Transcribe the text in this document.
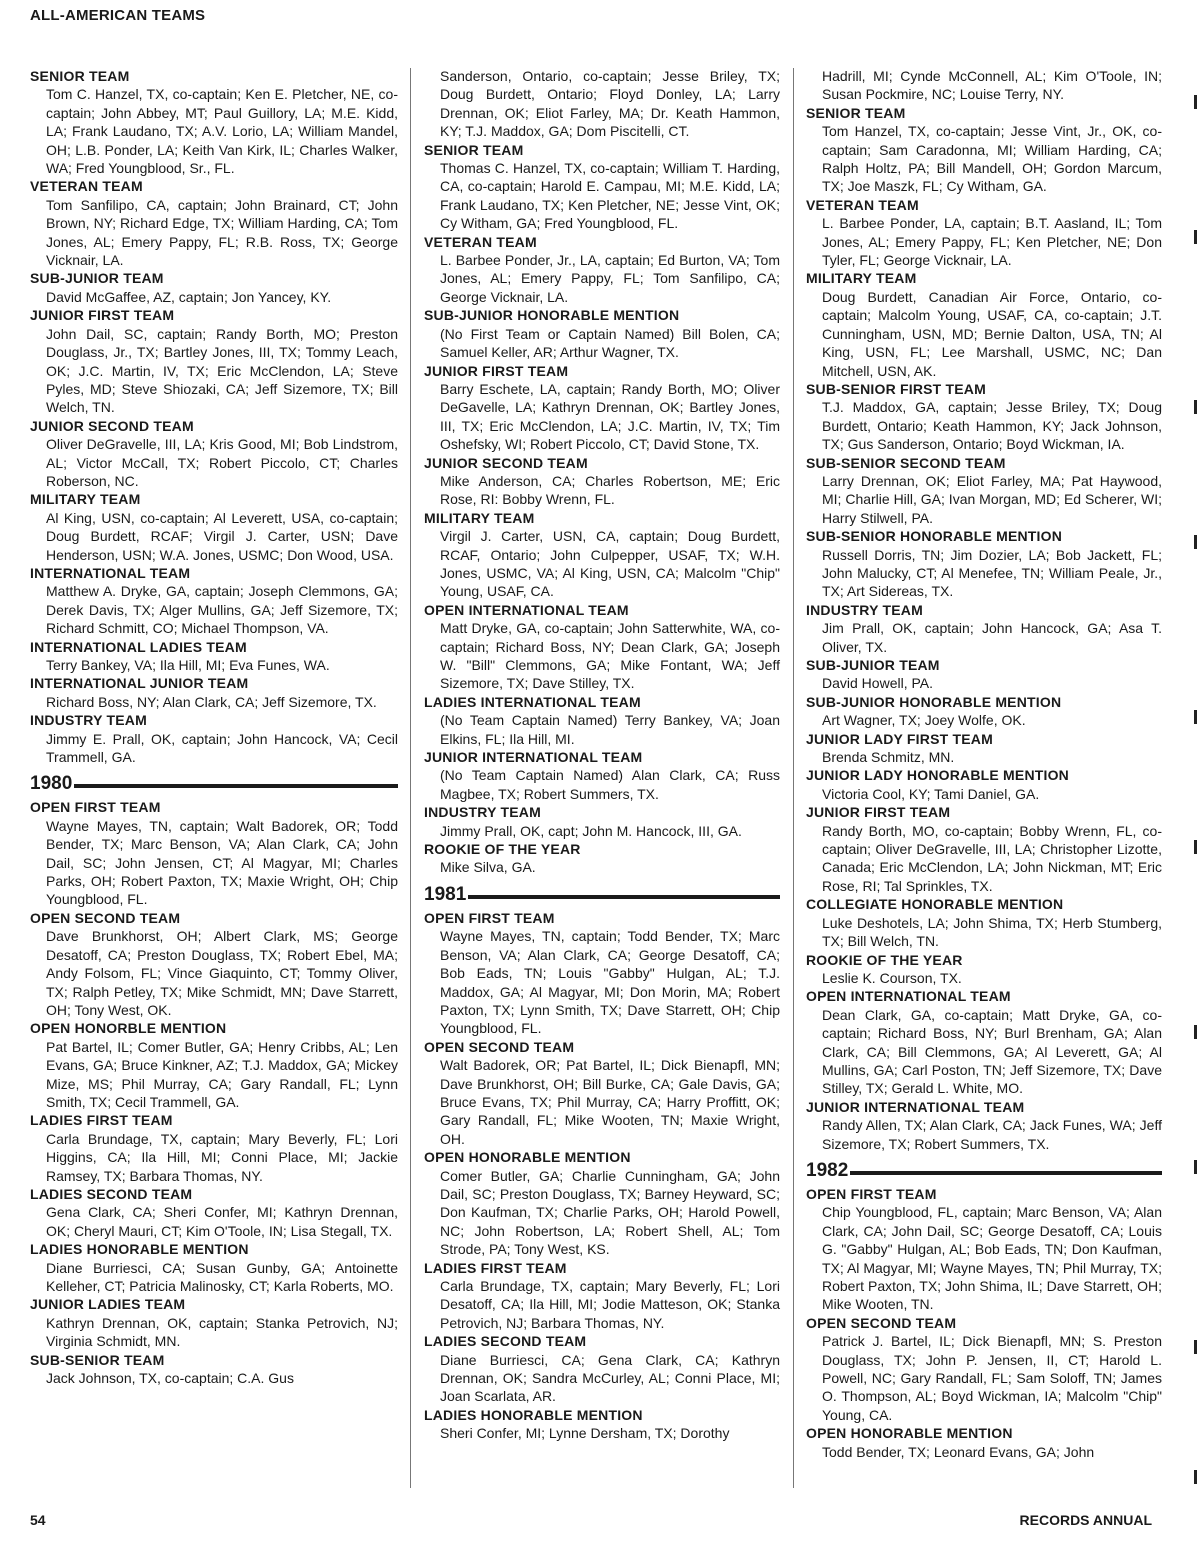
ALL-AMERICAN TEAMS
SENIOR TEAM
Tom C. Hanzel, TX, co-captain; Ken E. Pletcher, NE, co-captain; John Abbey, MT; Paul Guillory, LA; M.E. Kidd, LA; Frank Laudano, TX; A.V. Lorio, LA; William Mandel, OH; L.B. Ponder, LA; Keith Van Kirk, IL; Charles Walker, WA; Fred Youngblood, Sr., FL.
VETERAN TEAM
Tom Sanfilipo, CA, captain; John Brainard, CT; John Brown, NY; Richard Edge, TX; William Harding, CA; Tom Jones, AL; Emery Pappy, FL; R.B. Ross, TX; George Vicknair, LA.
SUB-JUNIOR TEAM
David McGaffee, AZ, captain; Jon Yancey, KY.
JUNIOR FIRST TEAM
John Dail, SC, captain; Randy Borth, MO; Preston Douglass, Jr., TX; Bartley Jones, III, TX; Tommy Leach, OK; J.C. Martin, IV, TX; Eric McClendon, LA; Steve Pyles, MD; Steve Shiozaki, CA; Jeff Sizemore, TX; Bill Welch, TN.
JUNIOR SECOND TEAM
Oliver DeGravelle, III, LA; Kris Good, MI; Bob Lindstrom, AL; Victor McCall, TX; Robert Piccolo, CT; Charles Roberson, NC.
MILITARY TEAM
Al King, USN, co-captain; Al Leverett, USA, co-captain; Doug Burdett, RCAF; Virgil J. Carter, USN; Dave Henderson, USN; W.A. Jones, USMC; Don Wood, USA.
INTERNATIONAL TEAM
Matthew A. Dryke, GA, captain; Joseph Clemmons, GA; Derek Davis, TX; Alger Mullins, GA; Jeff Sizemore, TX; Richard Schmitt, CO; Michael Thompson, VA.
INTERNATIONAL LADIES TEAM
Terry Bankey, VA; Ila Hill, MI; Eva Funes, WA.
INTERNATIONAL JUNIOR TEAM
Richard Boss, NY; Alan Clark, CA; Jeff Sizemore, TX.
INDUSTRY TEAM
Jimmy E. Prall, OK, captain; John Hancock, VA; Cecil Trammell, GA.
1980
OPEN FIRST TEAM
Wayne Mayes, TN, captain; Walt Badorek, OR; Todd Bender, TX; Marc Benson, VA; Alan Clark, CA; John Dail, SC; John Jensen, CT; Al Magyar, MI; Charles Parks, OH; Robert Paxton, TX; Maxie Wright, OH; Chip Youngblood, FL.
OPEN SECOND TEAM
Dave Brunkhorst, OH; Albert Clark, MS; George Desatoff, CA; Preston Douglass, TX; Robert Ebel, MA; Andy Folsom, FL; Vince Giaquinto, CT; Tommy Oliver, TX; Ralph Petley, TX; Mike Schmidt, MN; Dave Starrett, OH; Tony West, OK.
OPEN HONORBLE MENTION
Pat Bartel, IL; Comer Butler, GA; Henry Cribbs, AL; Len Evans, GA; Bruce Kinkner, AZ; T.J. Maddox, GA; Mickey Mize, MS; Phil Murray, CA; Gary Randall, FL; Lynn Smith, TX; Cecil Trammell, GA.
LADIES FIRST TEAM
Carla Brundage, TX, captain; Mary Beverly, FL; Lori Higgins, CA; Ila Hill, MI; Conni Place, MI; Jackie Ramsey, TX; Barbara Thomas, NY.
LADIES SECOND TEAM
Gena Clark, CA; Sheri Confer, MI; Kathryn Drennan, OK; Cheryl Mauri, CT; Kim O'Toole, IN; Lisa Stegall, TX.
LADIES HONORABLE MENTION
Diane Burriesci, CA; Susan Gunby, GA; Antoinette Kelleher, CT; Patricia Malinosky, CT; Karla Roberts, MO.
JUNIOR LADIES TEAM
Kathryn Drennan, OK, captain; Stanka Petrovich, NJ; Virginia Schmidt, MN.
SUB-SENIOR TEAM
Jack Johnson, TX, co-captain; C.A. Gus
Sanderson, Ontario, co-captain; Jesse Briley, TX; Doug Burdett, Ontario; Floyd Donley, LA; Larry Drennan, OK; Eliot Farley, MA; Dr. Keath Hammon, KY; T.J. Maddox, GA; Dom Piscitelli, CT.
SENIOR TEAM
Thomas C. Hanzel, TX, co-captain; William T. Harding, CA, co-captain; Harold E. Campau, MI; M.E. Kidd, LA; Frank Laudano, TX; Ken Pletcher, NE; Jesse Vint, OK; Cy Witham, GA; Fred Youngblood, FL.
VETERAN TEAM
L. Barbee Ponder, Jr., LA, captain; Ed Burton, VA; Tom Jones, AL; Emery Pappy, FL; Tom Sanfilipo, CA; George Vicknair, LA.
SUB-JUNIOR HONORABLE MENTION
(No First Team or Captain Named) Bill Bolen, CA; Samuel Keller, AR; Arthur Wagner, TX.
JUNIOR FIRST TEAM
Barry Eschete, LA, captain; Randy Borth, MO; Oliver DeGavelle, LA; Kathryn Drennan, OK; Bartley Jones, III, TX; Eric McClendon, LA; J.C. Martin, IV, TX; Tim Oshefsky, WI; Robert Piccolo, CT; David Stone, TX.
JUNIOR SECOND TEAM
Mike Anderson, CA; Charles Robertson, ME; Eric Rose, RI: Bobby Wrenn, FL.
MILITARY TEAM
Virgil J. Carter, USN, CA, captain; Doug Burdett, RCAF, Ontario; John Culpepper, USAF, TX; W.H. Jones, USMC, VA; Al King, USN, CA; Malcolm "Chip" Young, USAF, CA.
OPEN INTERNATIONAL TEAM
Matt Dryke, GA, co-captain; John Satterwhite, WA, co-captain; Richard Boss, NY; Dean Clark, GA; Joseph W. "Bill" Clemmons, GA; Mike Fontant, WA; Jeff Sizemore, TX; Dave Stilley, TX.
LADIES INTERNATIONAL TEAM
(No Team Captain Named) Terry Bankey, VA; Joan Elkins, FL; Ila Hill, MI.
JUNIOR INTERNATIONAL TEAM
(No Team Captain Named) Alan Clark, CA; Russ Magbee, TX; Robert Summers, TX.
INDUSTRY TEAM
Jimmy Prall, OK, capt; John M. Hancock, III, GA.
ROOKIE OF THE YEAR
Mike Silva, GA.
1981
OPEN FIRST TEAM
Wayne Mayes, TN, captain; Todd Bender, TX; Marc Benson, VA; Alan Clark, CA; George Desatoff, CA; Bob Eads, TN; Louis "Gabby" Hulgan, AL; T.J. Maddox, GA; Al Magyar, MI; Don Morin, MA; Robert Paxton, TX; Lynn Smith, TX; Dave Starrett, OH; Chip Youngblood, FL.
OPEN SECOND TEAM
Walt Badorek, OR; Pat Bartel, IL; Dick Bienapfl, MN; Dave Brunkhorst, OH; Bill Burke, CA; Gale Davis, GA; Bruce Evans, TX; Phil Murray, CA; Harry Proffitt, OK; Gary Randall, FL; Mike Wooten, TN; Maxie Wright, OH.
OPEN HONORABLE MENTION
Comer Butler, GA; Charlie Cunningham, GA; John Dail, SC; Preston Douglass, TX; Barney Heyward, SC; Don Kaufman, TX; Charlie Parks, OH; Harold Powell, NC; John Robertson, LA; Robert Shell, AL; Tom Strode, PA; Tony West, KS.
LADIES FIRST TEAM
Carla Brundage, TX, captain; Mary Beverly, FL; Lori Desatoff, CA; Ila Hill, MI; Jodie Matteson, OK; Stanka Petrovich, NJ; Barbara Thomas, NY.
LADIES SECOND TEAM
Diane Burriesci, CA; Gena Clark, CA; Kathryn Drennan, OK; Sandra McCurley, AL; Conni Place, MI; Joan Scarlata, AR.
LADIES HONORABLE MENTION
Sheri Confer, MI; Lynne Dersham, TX; Dorothy
Hadrill, MI; Cynde McConnell, AL; Kim O'Toole, IN; Susan Pockmire, NC; Louise Terry, NY.
SENIOR TEAM
Tom Hanzel, TX, co-captain; Jesse Vint, Jr., OK, co-captain; Sam Caradonna, MI; William Harding, CA; Ralph Holtz, PA; Bill Mandell, OH; Gordon Marcum, TX; Joe Maszk, FL; Cy Witham, GA.
VETERAN TEAM
L. Barbee Ponder, LA, captain; B.T. Aasland, IL; Tom Jones, AL; Emery Pappy, FL; Ken Pletcher, NE; Don Tyler, FL; George Vicknair, LA.
MILITARY TEAM
Doug Burdett, Canadian Air Force, Ontario, co-captain; Malcolm Young, USAF, CA, co-captain; J.T. Cunningham, USN, MD; Bernie Dalton, USA, TN; Al King, USN, FL; Lee Marshall, USMC, NC; Dan Mitchell, USN, AK.
SUB-SENIOR FIRST TEAM
T.J. Maddox, GA, captain; Jesse Briley, TX; Doug Burdett, Ontario; Keath Hammon, KY; Jack Johnson, TX; Gus Sanderson, Ontario; Boyd Wickman, IA.
SUB-SENIOR SECOND TEAM
Larry Drennan, OK; Eliot Farley, MA; Pat Haywood, MI; Charlie Hill, GA; Ivan Morgan, MD; Ed Scherer, WI; Harry Stilwell, PA.
SUB-SENIOR HONORABLE MENTION
Russell Dorris, TN; Jim Dozier, LA; Bob Jackett, FL; John Malucky, CT; Al Menefee, TN; William Peale, Jr., TX; Art Sidereas, TX.
INDUSTRY TEAM
Jim Prall, OK, captain; John Hancock, GA; Asa T. Oliver, TX.
SUB-JUNIOR TEAM
David Howell, PA.
SUB-JUNIOR HONORABLE MENTION
Art Wagner, TX; Joey Wolfe, OK.
JUNIOR LADY FIRST TEAM
Brenda Schmitz, MN.
JUNIOR LADY HONORABLE MENTION
Victoria Cool, KY; Tami Daniel, GA.
JUNIOR FIRST TEAM
Randy Borth, MO, co-captain; Bobby Wrenn, FL, co-captain; Oliver DeGravelle, III, LA; Christopher Lizotte, Canada; Eric McClendon, LA; John Nickman, MT; Eric Rose, RI; Tal Sprinkles, TX.
COLLEGIATE HONORABLE MENTION
Luke Deshotels, LA; John Shima, TX; Herb Stumberg, TX; Bill Welch, TN.
ROOKIE OF THE YEAR
Leslie K. Courson, TX.
OPEN INTERNATIONAL TEAM
Dean Clark, GA, co-captain; Matt Dryke, GA, co-captain; Richard Boss, NY; Burl Brenham, GA; Alan Clark, CA; Bill Clemmons, GA; Al Leverett, GA; Al Mullins, GA; Carl Poston, TN; Jeff Sizemore, TX; Dave Stilley, TX; Gerald L. White, MO.
JUNIOR INTERNATIONAL TEAM
Randy Allen, TX; Alan Clark, CA; Jack Funes, WA; Jeff Sizemore, TX; Robert Summers, TX.
1982
OPEN FIRST TEAM
Chip Youngblood, FL, captain; Marc Benson, VA; Alan Clark, CA; John Dail, SC; George Desatoff, CA; Louis G. "Gabby" Hulgan, AL; Bob Eads, TN; Don Kaufman, TX; Al Magyar, MI; Wayne Mayes, TN; Phil Murray, TX; Robert Paxton, TX; John Shima, IL; Dave Starrett, OH; Mike Wooten, TN.
OPEN SECOND TEAM
Patrick J. Bartel, IL; Dick Bienapfl, MN; S. Preston Douglass, TX; John P. Jensen, II, CT; Harold L. Powell, NC; Gary Randall, FL; Sam Soloff, TN; James O. Thompson, AL; Boyd Wickman, IA; Malcolm "Chip" Young, CA.
OPEN HONORABLE MENTION
Todd Bender, TX; Leonard Evans, GA; John
54	RECORDS ANNUAL
